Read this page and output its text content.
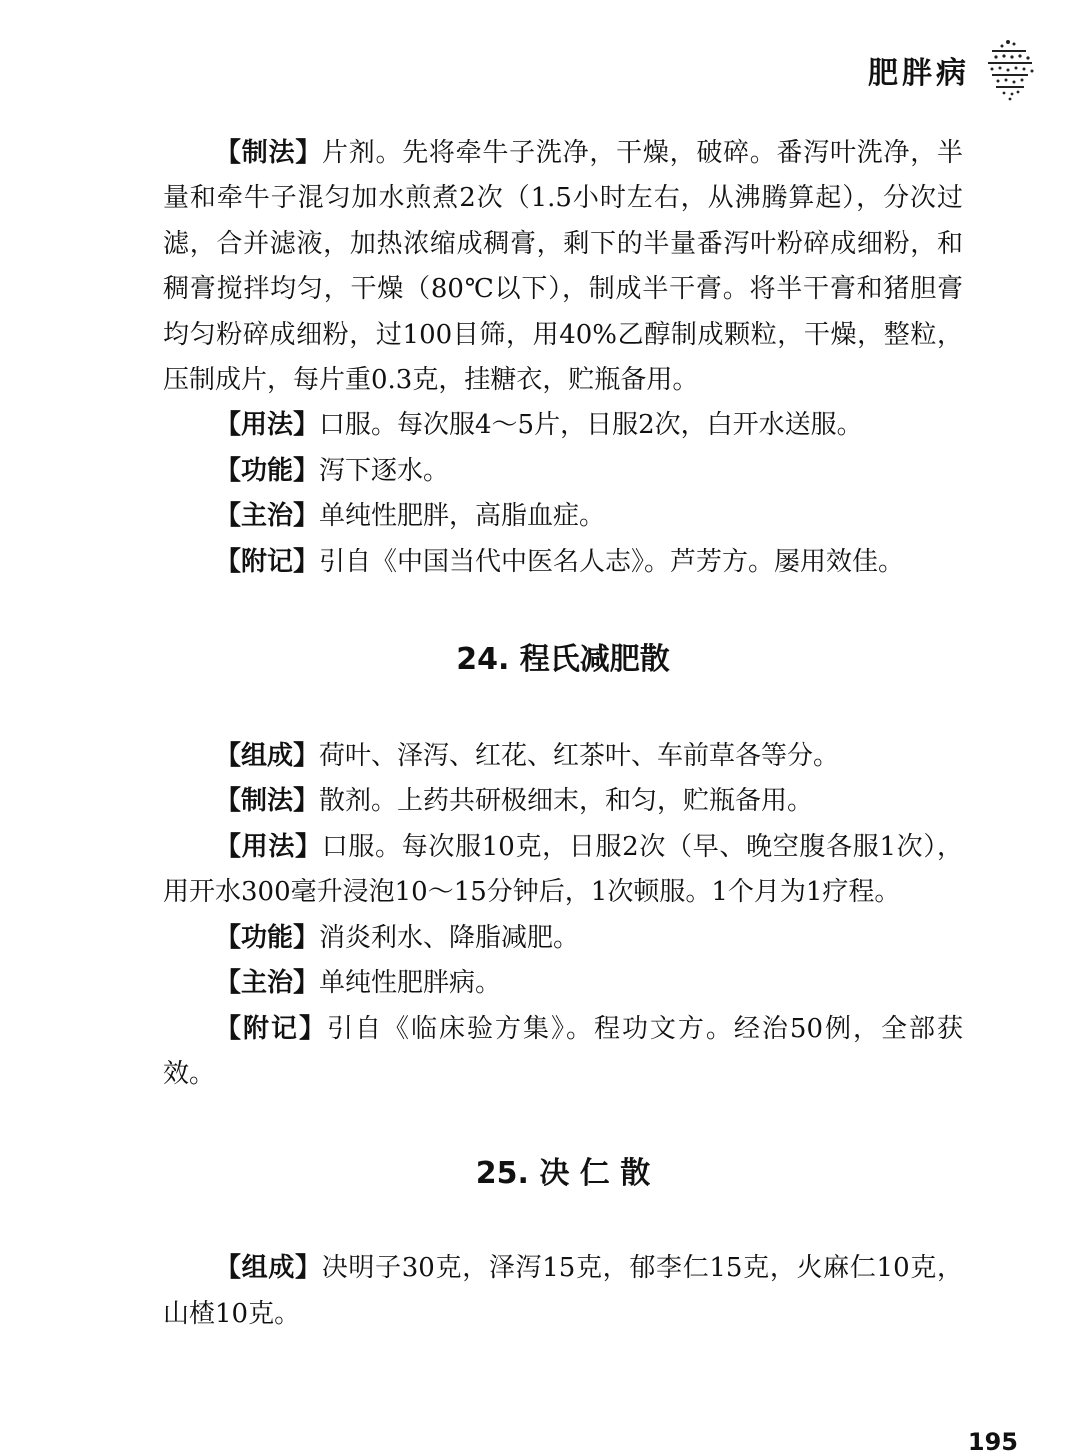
肥胖病

【制法】片剂。先将牵牛子洗净，干燥，破碎。番泻叶洗净，半量和牵牛子混匀加水煎煮2次（1.5小时左右，从沸腾算起），分次过滤，合并滤液，加热浓缩成稠膏，剩下的半量番泻叶粉碎成细粉，和稠膏搅拌均匀，干燥（80℃以下），制成半干膏。将半干膏和猪胆膏均匀粉碎成细粉，过100目筛，用40%乙醇制成颗粒，干燥，整粒，压制成片，每片重0.3克，挂糖衣，贮瓶备用。

【用法】口服。每次服4～5片，日服2次，白开水送服。

【功能】泻下逐水。

【主治】单纯性肥胖，高脂血症。

【附记】引自《中国当代中医名人志》。芦芳方。屡用效佳。

24. 程氏减肥散

【组成】荷叶、泽泻、红花、红茶叶、车前草各等分。

【制法】散剂。上药共研极细末，和匀，贮瓶备用。

【用法】口服。每次服10克，日服2次（早、晚空腹各服1次），用开水300毫升浸泡10～15分钟后，1次顿服。1个月为1疗程。

【功能】消炎利水、降脂减肥。

【主治】单纯性肥胖病。

【附记】引自《临床验方集》。程功文方。经治50例，全部获效。

25. 决 仁 散

【组成】决明子30克，泽泻15克，郁李仁15克，火麻仁10克，山楂10克。

195
